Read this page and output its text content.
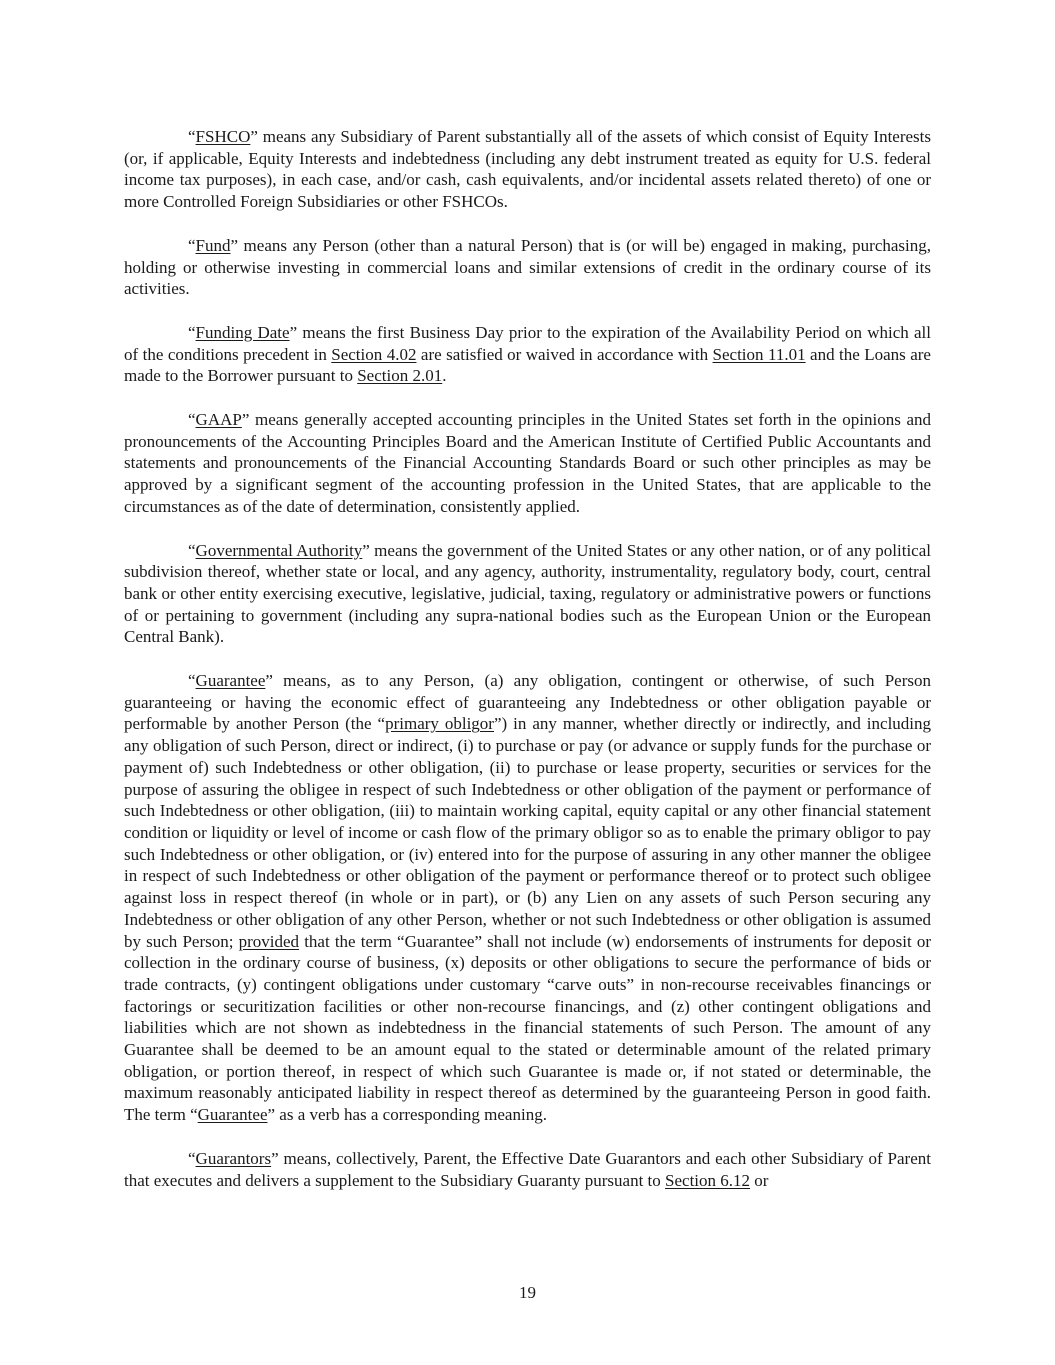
“FSHCO” means any Subsidiary of Parent substantially all of the assets of which consist of Equity Interests (or, if applicable, Equity Interests and indebtedness (including any debt instrument treated as equity for U.S. federal income tax purposes), in each case, and/or cash, cash equivalents, and/or incidental assets related thereto) of one or more Controlled Foreign Subsidiaries or other FSHCOs.

“Fund” means any Person (other than a natural Person) that is (or will be) engaged in making, purchasing, holding or otherwise investing in commercial loans and similar extensions of credit in the ordinary course of its activities.

“Funding Date” means the first Business Day prior to the expiration of the Availability Period on which all of the conditions precedent in Section 4.02 are satisfied or waived in accordance with Section 11.01 and the Loans are made to the Borrower pursuant to Section 2.01.

“GAAP” means generally accepted accounting principles in the United States set forth in the opinions and pronouncements of the Accounting Principles Board and the American Institute of Certified Public Accountants and statements and pronouncements of the Financial Accounting Standards Board or such other principles as may be approved by a significant segment of the accounting profession in the United States, that are applicable to the circumstances as of the date of determination, consistently applied.

“Governmental Authority” means the government of the United States or any other nation, or of any political subdivision thereof, whether state or local, and any agency, authority, instrumentality, regulatory body, court, central bank or other entity exercising executive, legislative, judicial, taxing, regulatory or administrative powers or functions of or pertaining to government (including any supra-national bodies such as the European Union or the European Central Bank).

“Guarantee” means, as to any Person, (a) any obligation, contingent or otherwise, of such Person guaranteeing or having the economic effect of guaranteeing any Indebtedness or other obligation payable or performable by another Person (the “primary obligor”) in any manner, whether directly or indirectly, and including any obligation of such Person, direct or indirect, (i) to purchase or pay (or advance or supply funds for the purchase or payment of) such Indebtedness or other obligation, (ii) to purchase or lease property, securities or services for the purpose of assuring the obligee in respect of such Indebtedness or other obligation of the payment or performance of such Indebtedness or other obligation, (iii) to maintain working capital, equity capital or any other financial statement condition or liquidity or level of income or cash flow of the primary obligor so as to enable the primary obligor to pay such Indebtedness or other obligation, or (iv) entered into for the purpose of assuring in any other manner the obligee in respect of such Indebtedness or other obligation of the payment or performance thereof or to protect such obligee against loss in respect thereof (in whole or in part), or (b) any Lien on any assets of such Person securing any Indebtedness or other obligation of any other Person, whether or not such Indebtedness or other obligation is assumed by such Person; provided that the term “Guarantee” shall not include (w) endorsements of instruments for deposit or collection in the ordinary course of business, (x) deposits or other obligations to secure the performance of bids or trade contracts, (y) contingent obligations under customary “carve outs” in non-recourse receivables financings or factorings or securitization facilities or other non-recourse financings, and (z) other contingent obligations and liabilities which are not shown as indebtedness in the financial statements of such Person. The amount of any Guarantee shall be deemed to be an amount equal to the stated or determinable amount of the related primary obligation, or portion thereof, in respect of which such Guarantee is made or, if not stated or determinable, the maximum reasonably anticipated liability in respect thereof as determined by the guaranteeing Person in good faith. The term “Guarantee” as a verb has a corresponding meaning.

“Guarantors” means, collectively, Parent, the Effective Date Guarantors and each other Subsidiary of Parent that executes and delivers a supplement to the Subsidiary Guaranty pursuant to Section 6.12 or

19
